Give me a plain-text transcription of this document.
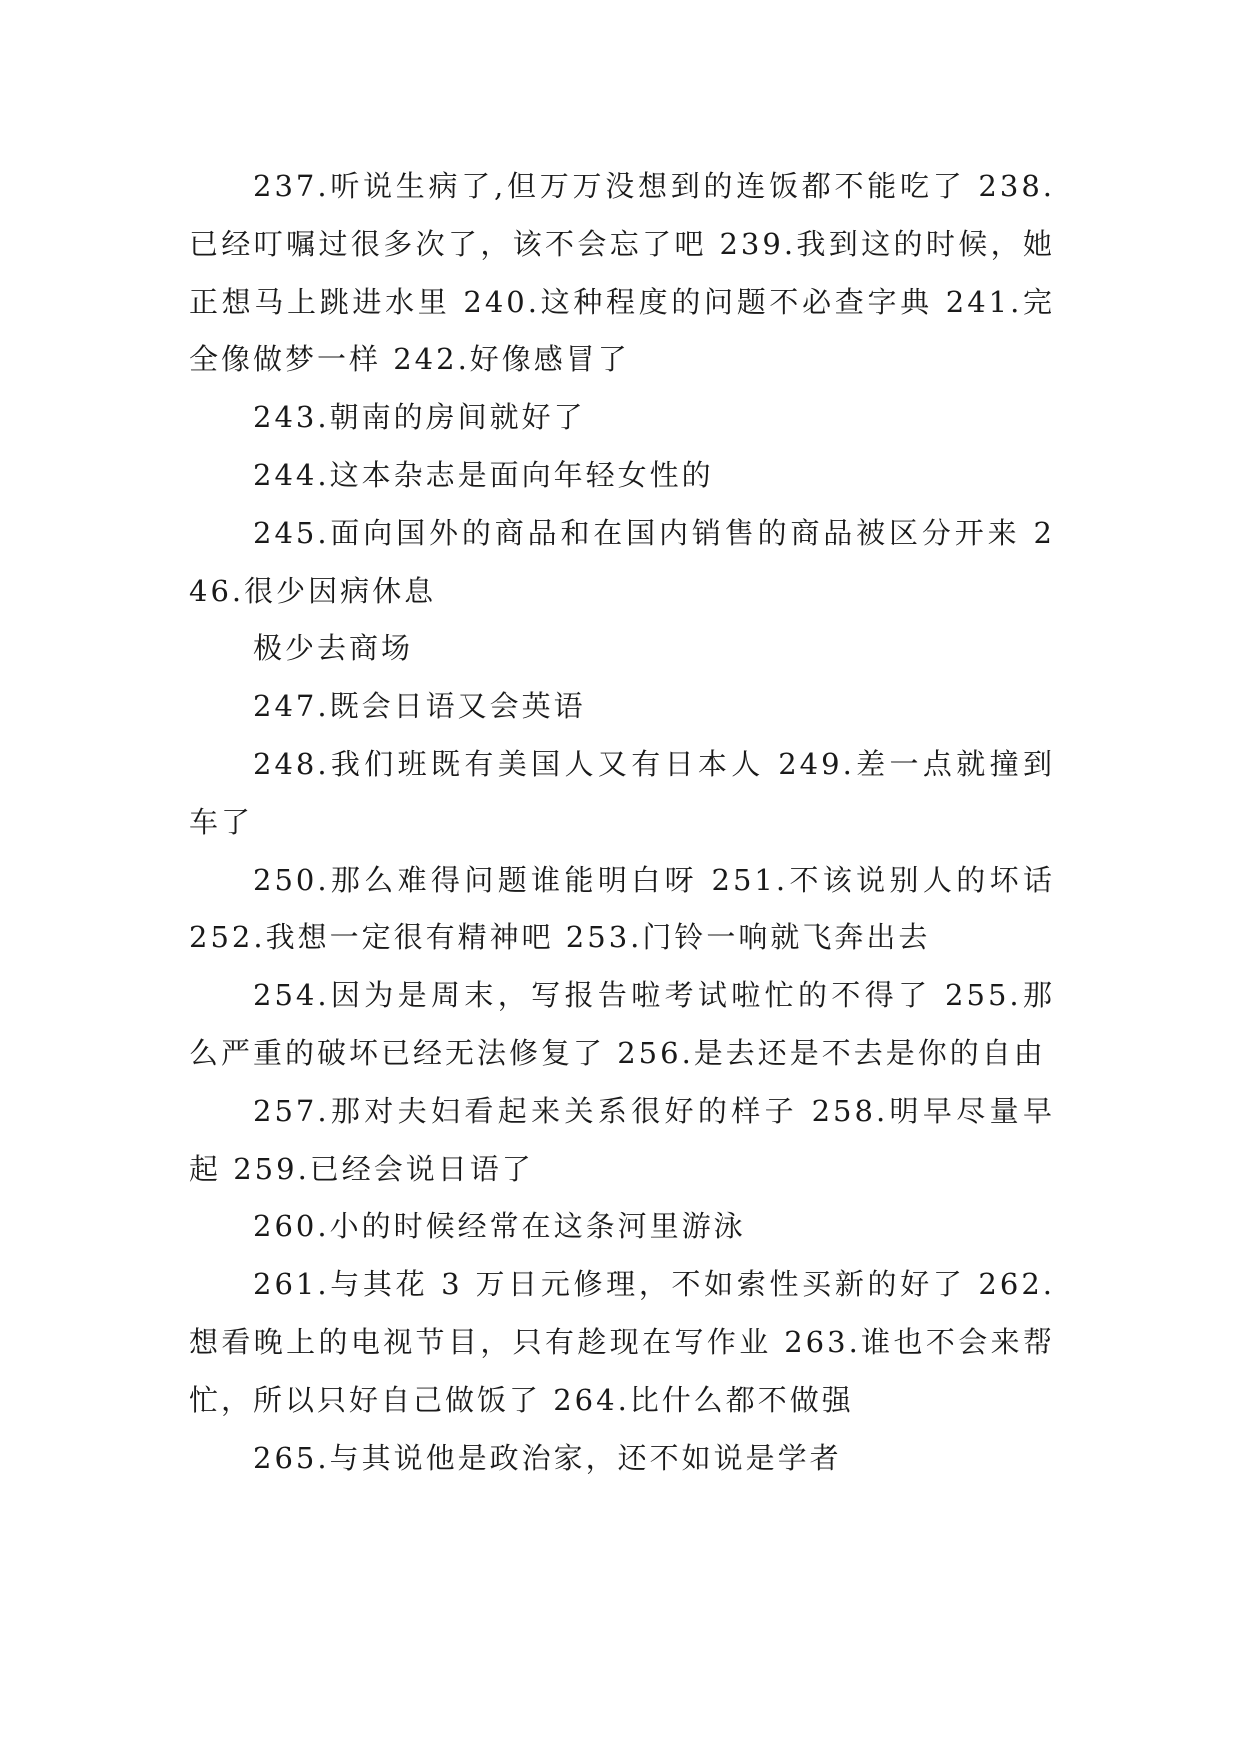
237.听说生病了,但万万没想到的连饭都不能吃了 238.已经叮嘱过很多次了，该不会忘了吧 239.我到这的时候，她正想马上跳进水里 240.这种程度的问题不必查字典 241.完全像做梦一样 242.好像感冒了

243.朝南的房间就好了

244.这本杂志是面向年轻女性的

245.面向国外的商品和在国内销售的商品被区分开来 246.很少因病休息

极少去商场

247.既会日语又会英语

248.我们班既有美国人又有日本人 249.差一点就撞到车了

250.那么难得问题谁能明白呀 251.不该说别人的坏话 252.我想一定很有精神吧 253.门铃一响就飞奔出去

254.因为是周末，写报告啦考试啦忙的不得了 255.那么严重的破坏已经无法修复了 256.是去还是不去是你的自由

257.那对夫妇看起来关系很好的样子 258.明早尽量早起 259.已经会说日语了

260.小的时候经常在这条河里游泳

261.与其花 3 万日元修理，不如索性买新的好了 262.想看晚上的电视节目，只有趁现在写作业 263.谁也不会来帮忙，所以只好自己做饭了 264.比什么都不做强

265.与其说他是政治家，还不如说是学者
